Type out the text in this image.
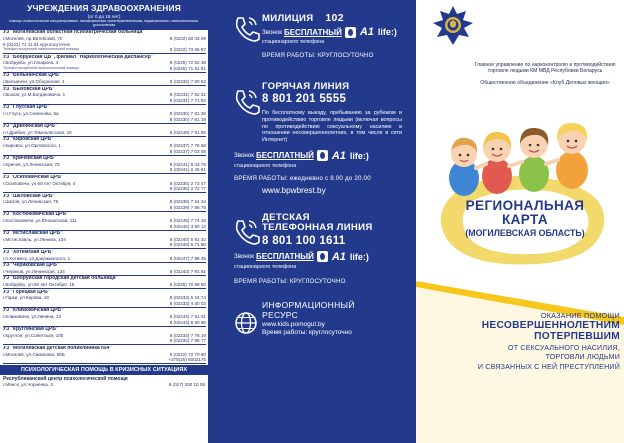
УЧРЕЖДЕНИЯ ЗДРАВООХРАНЕНИЯ
(от 0 до 18 лет)
помощь: психологическое консультирование, психиатрическая, психотерапевтическая, педиатрическая, гинекологическая, урологическая
УЗ "Могилевская областная психиатрическая больница"
г.Могилев, пр.Витебский, 70	8 (0222) 60 43 09
8 (0222) 71 11 61 круглосуточно
Телефон экстренной психологической помощи	8 (0222) 73 65 97
УЗ "Бобруйская ЦБ", филиал "Наркологический диспансер"
г.Бобруйск, ул.Гагарина, 4	8 (0225) 72 52 38
Телефон экстренной психологической помощи	8 (0225) 71 61 61
УЗ "Белыничская ЦРБ"
г.Белыничи, ул.Оборонная, 1	8 (02232) 7 00 62
УЗ "Быховская ЦРБ"
г.Быхов, ул.М.Богдановича, 1	8 (02231) 7 82 31
8 (02231) 7 71 83
УЗ "Глусская ЦРБ"
г.п.Глуск, ул.Семенова, 5а	8 (02230) 7 81 35
8 (02230) 7 81 19
УЗ "Дрибинская ЦРБ"
г.п.Дрибин, ул.Темнолесская, 16	8 (02248) 7 91 55
УЗ "Кировская ЦРБ"
г.Кировск, ул.Орловского, 1	8 (02237) 7 76 68
8 (02237) 7 03 08
УЗ "Кричевская ЦРБ"
г.Кричев, ул.Ленинская, 70	8 (02241) 6 43 76
8 (02241) 6 46 61
УЗ "Осиповичская ЦРБ"
г.Осиповичи, ул.60 лет Октября, 4	8 (02235) 2 73 47
8 (02235) 2 72 77
УЗ "Шкловская ЦРБ"
г.Шклов, ул.Ленинская, 78	8 (02239) 7 64 34
8 (02239) 7 86 76
УЗ "Костюковичская ЦРБ"
г.Костюковичи, ул.Юношеская, 111	8 (02245) 7 74 16
8 (02245) 3 50 12
УЗ "Мстиславская ЦРБ"
г.Мстиславль, ул.Ленина, 104	8 (02240) 5 91 32
8 (02240) 5 71 80
УЗ "Хотимская ЦРБ"
г.п.Хотимск, ул.Дзержинского, 1	8 (02247) 7 88 45
УЗ "Чериковская ЦРБ"
г.Чериков, ул.Ленинская, 134	8 (02243) 7 91 51
УЗ "Бобруйская городская детская больница"
г.Бобруйск, ул.50 лет Октября, 15	8 (0225) 70 99 60
УЗ "Горецкая ЦРБ"
г.Горки, ул.Кирова, 16	8 (02233) 6 24 74
8 (02233) 4 30 03
УЗ "Климовичская ЦРБ"
г.Климовичи, ул.Ленина, 12	8 (02244) 7 61 01
8 (02244) 6 90 96
УЗ "Круглянская ЦРБ"
г.Круглое, ул.Советская, 105	8 (02234) 7 76 19
8 (02234) 7 68 77
УЗ "Могилевская детская поликлиника №4"
г.Могилев, ул.Симонова, 55Б	8 (0222) 72 70 60
+375(25) 5002175
ПСИХОЛОГИЧЕСКАЯ ПОМОЩЬ В КРИЗИСНЫХ СИТУАЦИЯХ
Республиканский центр психологической помощи
г.Минск, ул.Чорненка, 3	8 (017) 300 10 06
МИЛИЦИЯ 102
Звонок БЕСПЛАТНЫЙ A1 life:)
стационарного телефона
ВРЕМЯ РАБОТЫ: КРУГЛОСУТОЧНО
ГОРЯЧАЯ ЛИНИЯ
8 801 201 5555
По бесплатному выезду, пребыванию за рубежом и противодействию торговле людьми (включая вопросы по противодействию сексуальному насилию в отношении несовершеннолетних, в том числе в сети Интернет)
Звонок БЕСПЛАТНЫЙ A1 life:)
стационарного телефона
ВРЕМЯ РАБОТЫ: ежедневно с 8.00 до 20.00
www.bpwbrest.by
ДЕТСКАЯ
ТЕЛЕФОННАЯ ЛИНИЯ
8 801 100 1611
Звонок БЕСПЛАТНЫЙ A1 life:)
стационарного телефона
ВРЕМЯ РАБОТЫ: КРУГЛОСУТОЧНО
ИНФОРМАЦИОННЫЙ
РЕСУРС
www.kids.pomogut.by
Время работы: круглосуточно
Главное управление по наркоконтролю и противодействию торговле людьми КМ МВД Республики Беларусь
Общественное объединение «Клуб Деловых женщин»
РЕГИОНАЛЬНАЯ
КАРТА
(МОГИЛЕВСКАЯ ОБЛАСТЬ)
ОКАЗАНИЕ ПОМОЩИ
НЕСОВЕРШЕННОЛЕТНИМ
ПОТЕРПЕВШИМ
ОТ СЕКСУАЛЬНОГО НАСИЛИЯ,
ТОРГОВЛИ ЛЮДЬМИ
И СВЯЗАННЫХ С НЕЙ ПРЕСТУПЛЕНИЙ
